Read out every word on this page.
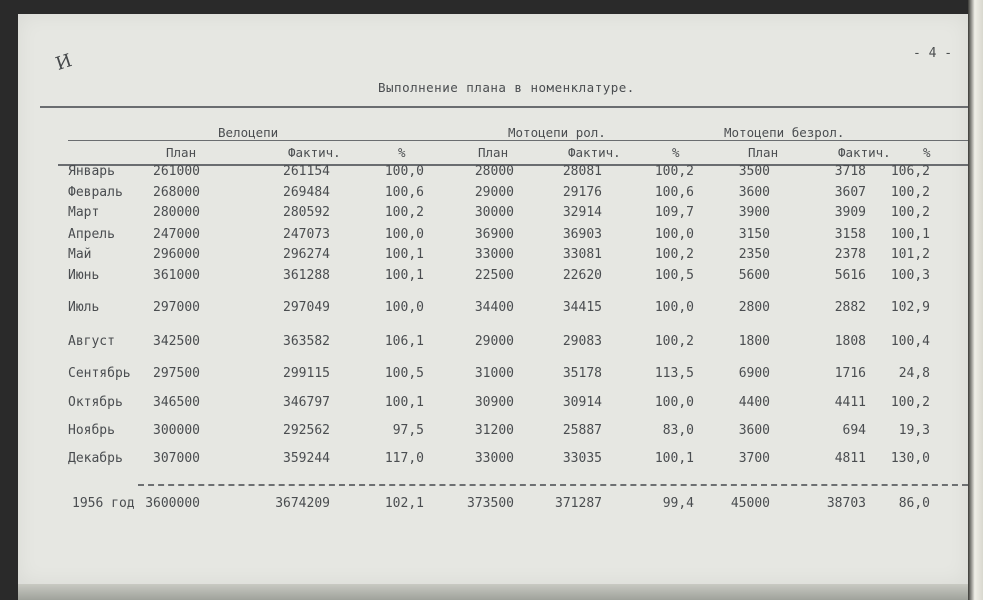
И	- 4 -
Выполнение плана в номенклатуре.
Велоцепи	Мотоцепи рол.	Мотоцепи безрол.
План	Фактич.	%	План	Фактич.	%	План	Фактич.	%
Январь	261000	261154	100,0	28000	28081	100,2	3500	3718 106,2
Февраль 268000	269484	100,6	29000	29176	100,6	3600	3607 100,2
Март	280000	280592	100,2	30000	32914	109,7	3900	3909 100,2
Апрель	247000	247073	100,0	36900	36903	100,0	3150	3158 100,1
Май	296000	296274	100,1	33000	33081	100,2	2350	2378 101,2
Июнь	361000	361288	100,1	22500	22620	100,5	5600	5616 100,3
Июль	297000	297049	100,0	34400	34415	100,0	2800	2882 102,9
Август	342500	363582	106,1	29000	29083	100,2	1800	1808 100,4
Сентябрь 297500	299115	100,5	31000	35178	113,5	6900	1716	24,8
Октябрь 346500	346797	100,1	30900	30914	100,0	4400	4411 100,2
Ноябрь	300000	292562	97,5	31200	25887	83,0	3600	694	19,3
Декабрь 307000	359244	117,0	33000	33035	100,1	3700	4811 130,0
1956 год 3600000	3674209	102,1	373500	371287	99,4	45000	38703	86,0
